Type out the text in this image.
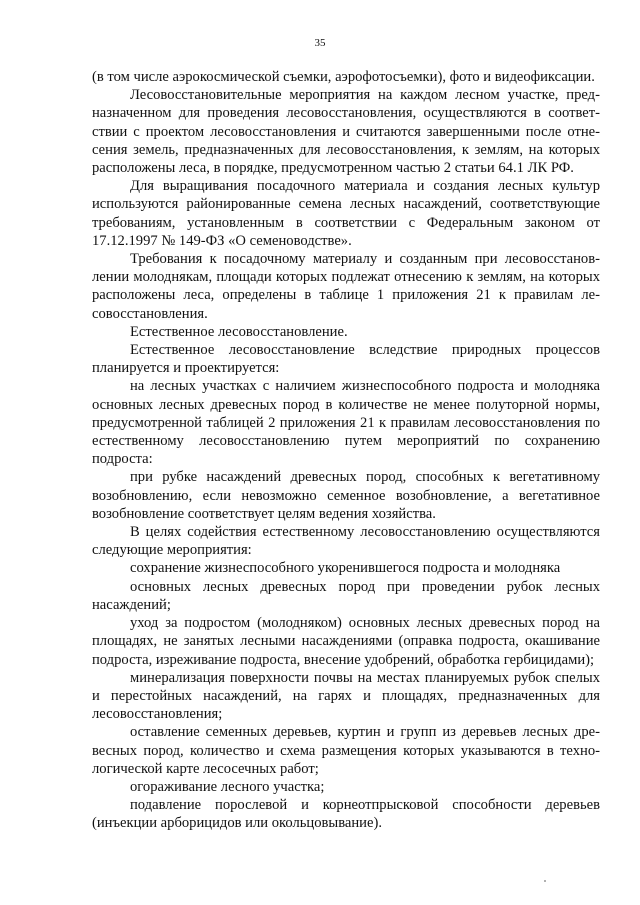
35

(в том числе аэрокосмической съемки, аэрофотосъемки), фото и видеофиксации.

Лесовосстановительные мероприятия на каждом лесном участке, предназначенном для проведения лесовосстановления, осуществляются в соответствии с проектом лесовосстановления и считаются завершенными после отнесения земель, предназначенных для лесовосстановления, к землям, на которых расположены леса, в порядке, предусмотренном частью 2 статьи 64.1 ЛК РФ.

Для выращивания посадочного материала и создания лесных культур используются районированные семена лесных насаждений, соответствующие требованиям, установленным в соответствии с Федеральным законом от 17.12.1997 № 149-ФЗ «О семеноводстве».

Требования к посадочному материалу и созданным при лесовосстановлении молоднякам, площади которых подлежат отнесению к землям, на которых расположены леса, определены в таблице 1 приложения 21 к правилам лесовосстановления.

Естественное лесовосстановление.

Естественное лесовосстановление вследствие природных процессов планируется и проектируется:

на лесных участках с наличием жизнеспособного подроста и молодняка основных лесных древесных пород в количестве не менее полуторной нормы, предусмотренной таблицей 2 приложения 21 к правилам лесовосстановления по естественному лесовосстановлению путем мероприятий по сохранению подроста:

при рубке насаждений древесных пород, способных к вегетативному возобновлению, если невозможно семенное возобновление, а вегетативное возобновление соответствует целям ведения хозяйства.

В целях содействия естественному лесовосстановлению осуществляются следующие мероприятия:

сохранение жизнеспособного укоренившегося подроста и молодняка

основных лесных древесных пород при проведении рубок лесных насаждений;

уход за подростом (молодняком) основных лесных древесных пород на площадях, не занятых лесными насаждениями (оправка подроста, окашивание подроста, изреживание подроста, внесение удобрений, обработка гербицидами);

минерализация поверхности почвы на местах планируемых рубок спелых и перестойных насаждений, на гарях и площадях, предназначенных для лесовосстановления;

оставление семенных деревьев, куртин и групп из деревьев лесных древесных пород, количество и схема размещения которых указываются в технологической карте лесосечных работ;

огораживание лесного участка;

подавление порослевой и корнеотпрысковой способности деревьев (инъекции арборицидов или окольцовывание).
